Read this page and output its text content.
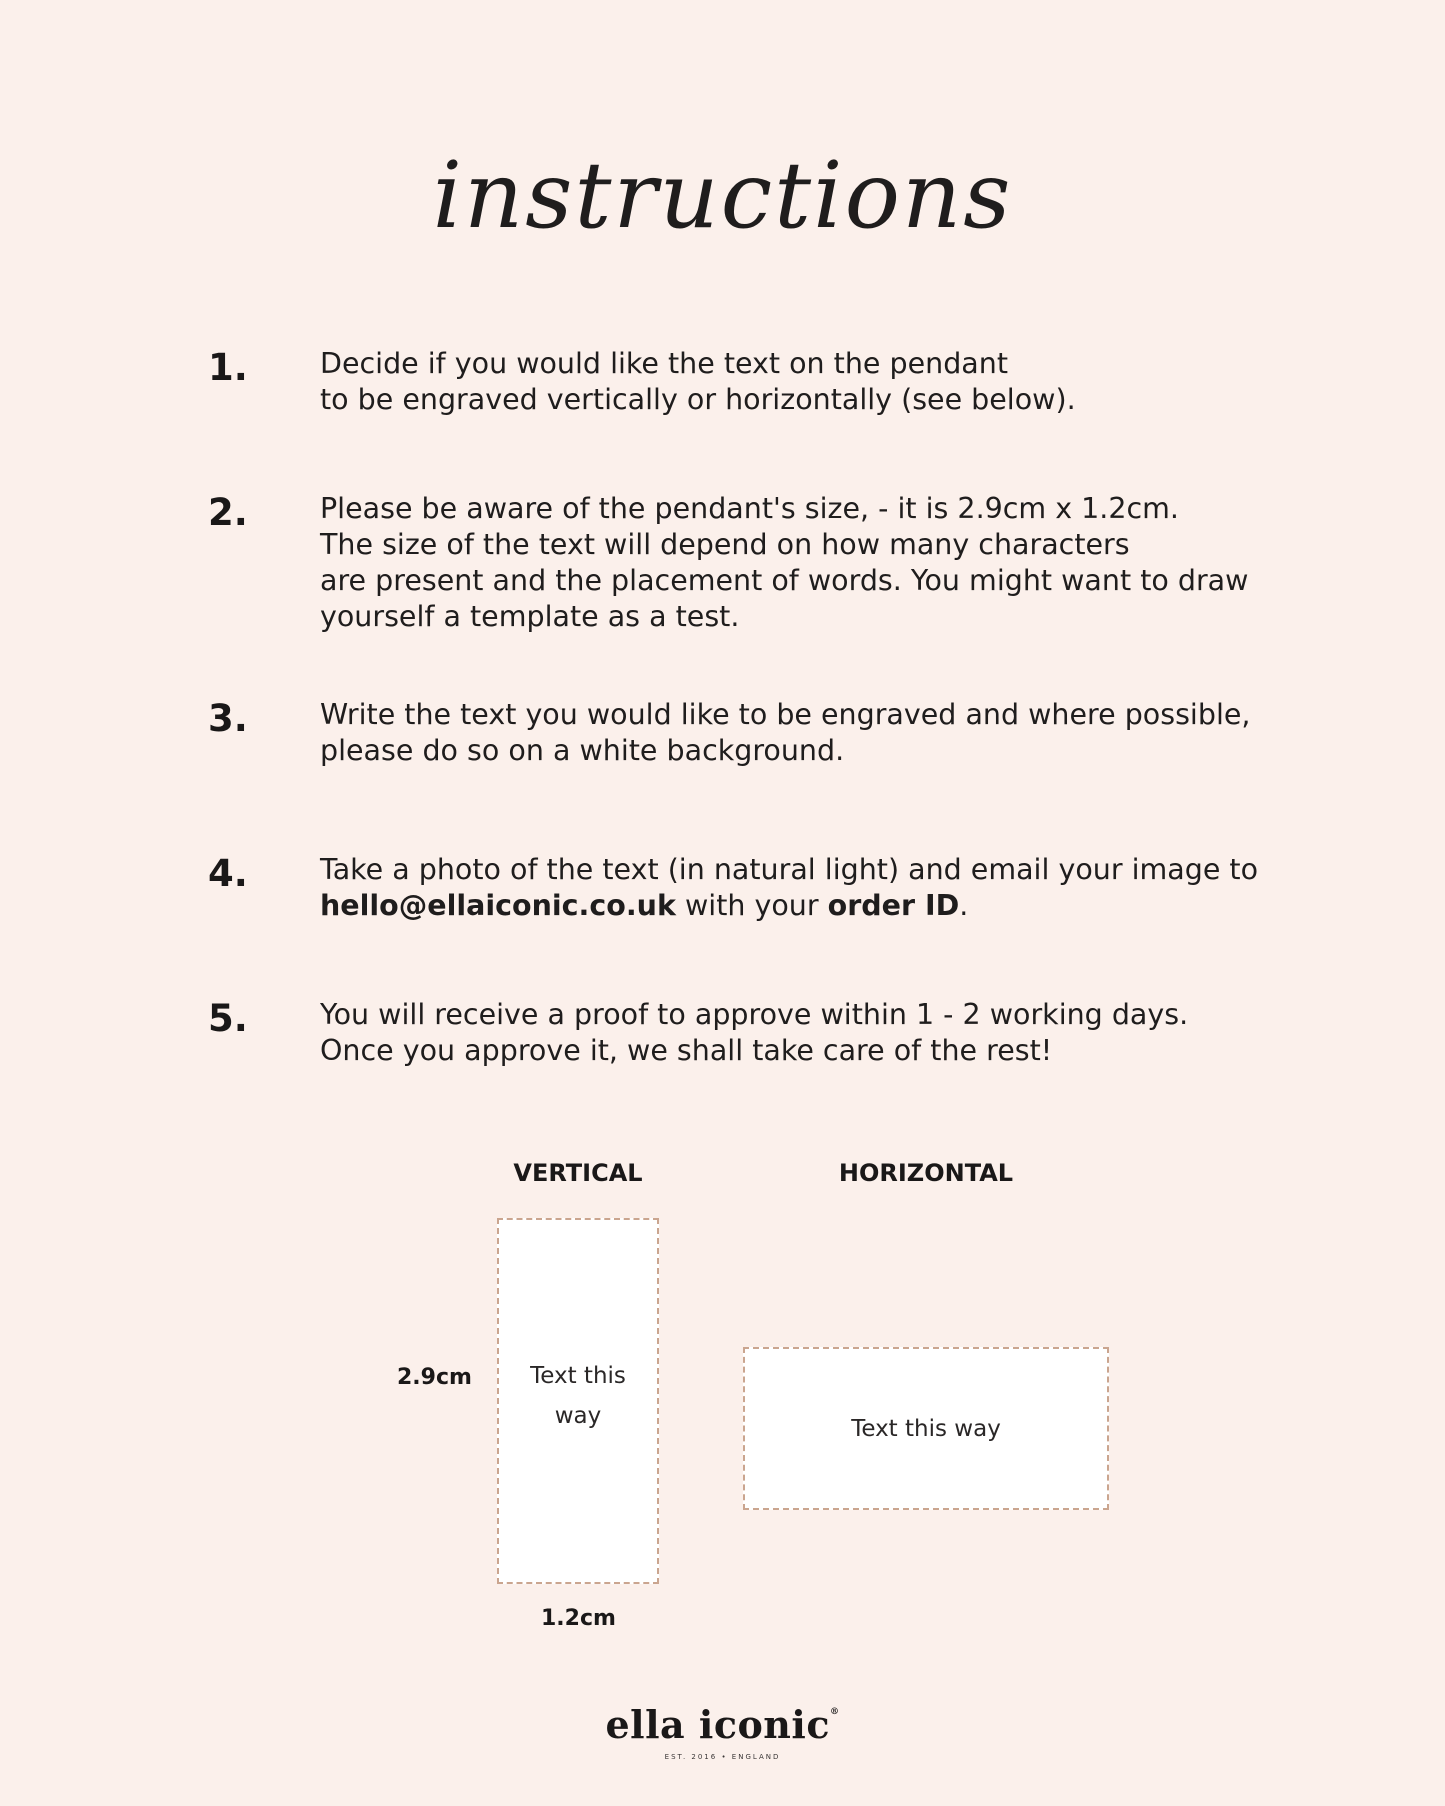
instructions
1.	Decide if you would like the text on the pendant
to be engraved vertically or horizontally (see below).
2.	Please be aware of the pendant's size, - it is 2.9cm x 1.2cm.
The size of the text will depend on how many characters
are present and the placement of words. You might want to draw
yourself a template as a test.
3.	Write the text you would like to be engraved and where possible,
please do so on a white background.
4.	Take a photo of the text (in natural light) and email your image to
hello@ellaiconic.co.uk with your order ID.
5.	You will receive a proof to approve within 1 - 2 working days.
Once you approve it, we shall take care of the rest!
VERTICAL	HORIZONTAL
2.9cm	Text this
way
1.2cm
Text this way
ella iconic®
EST. 2016 • ENGLAND
